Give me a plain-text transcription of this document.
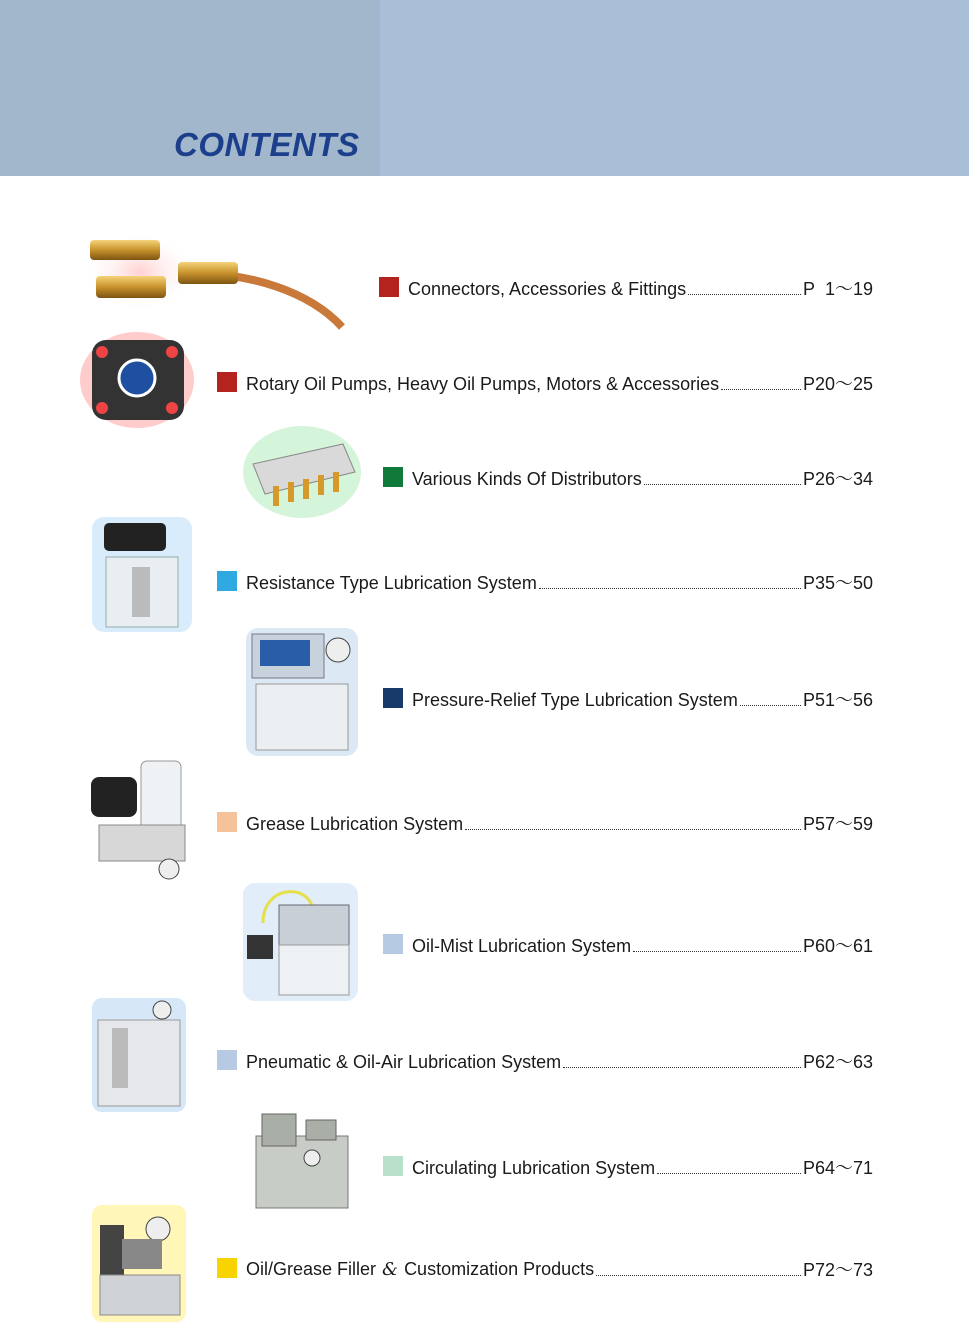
CONTENTS
Connectors, Accessories & Fittings	P  1～19
Rotary Oil Pumps, Heavy Oil Pumps, Motors & Accessories	P20～25
Various Kinds Of Distributors	P26～34
Resistance Type Lubrication System	P35～50
Pressure-Relief Type Lubrication System	P51～56
Grease Lubrication System	P57～59
Oil-Mist Lubrication System	P60～61
Pneumatic & Oil-Air Lubrication System	P62～63
Circulating Lubrication System	P64～71
Oil/Grease Filler & Customization Products	P72～73
